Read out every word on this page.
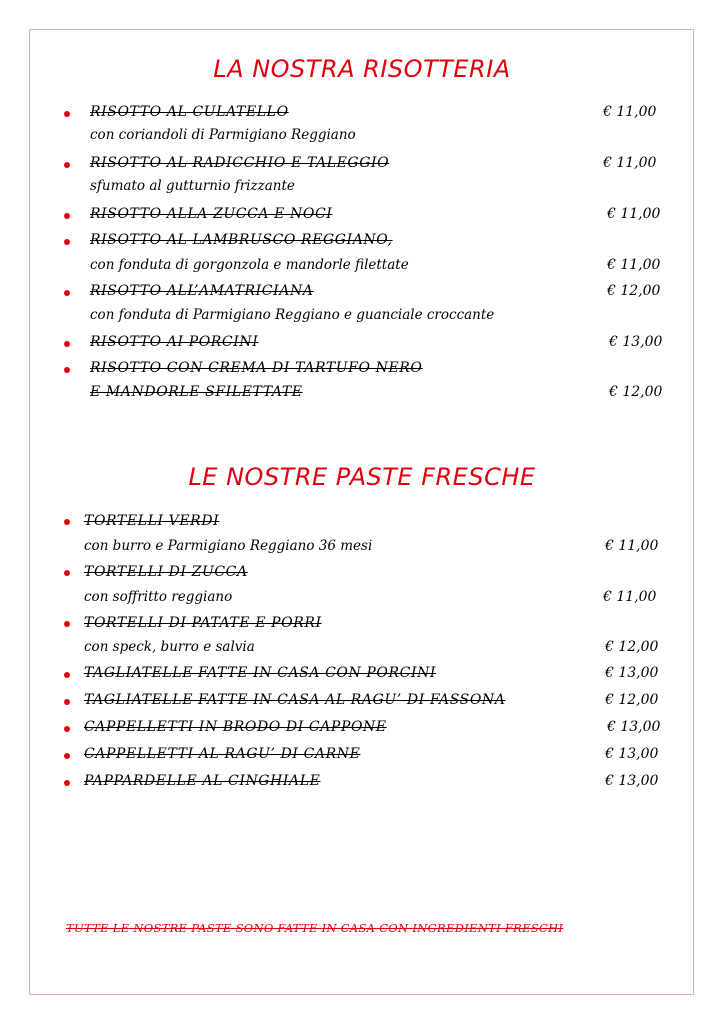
LA NOSTRA RISOTTERIA
RISOTTO AL CULATELLO	€ 11,00
con coriandoli di Parmigiano Reggiano
RISOTTO AL RADICCHIO E TALEGGIO	€ 11,00
sfumato al gutturnio frizzante
RISOTTO ALLA ZUCCA E NOCI	€ 11,00
RISOTTO AL LAMBRUSCO REGGIANO,
con fonduta di gorgonzola e mandorle filettate	€ 11,00
RISOTTO ALL’AMATRICIANA	€ 12,00
con fonduta di Parmigiano Reggiano e guanciale croccante
RISOTTO AI PORCINI	€ 13,00
RISOTTO CON CREMA DI TARTUFO NERO
E MANDORLE SFILETTATE	€ 12,00
LE NOSTRE PASTE FRESCHE
TORTELLI VERDI
con burro e Parmigiano Reggiano 36 mesi	€ 11,00
TORTELLI DI ZUCCA
con soffritto reggiano	€ 11,00
TORTELLI DI PATATE E PORRI
con speck, burro e salvia	€ 12,00
TAGLIATELLE FATTE IN CASA CON PORCINI	€ 13,00
TAGLIATELLE FATTE IN CASA AL RAGU’ DI FASSONA	€ 12,00
CAPPELLETTI IN BRODO DI CAPPONE	€ 13,00
CAPPELLETTI AL RAGU’ DI CARNE	€ 13,00
PAPPARDELLE AL CINGHIALE	€ 13,00
TUTTE LE NOSTRE PASTE SONO FATTE IN CASA CON INGREDIENTI FRESCHI
